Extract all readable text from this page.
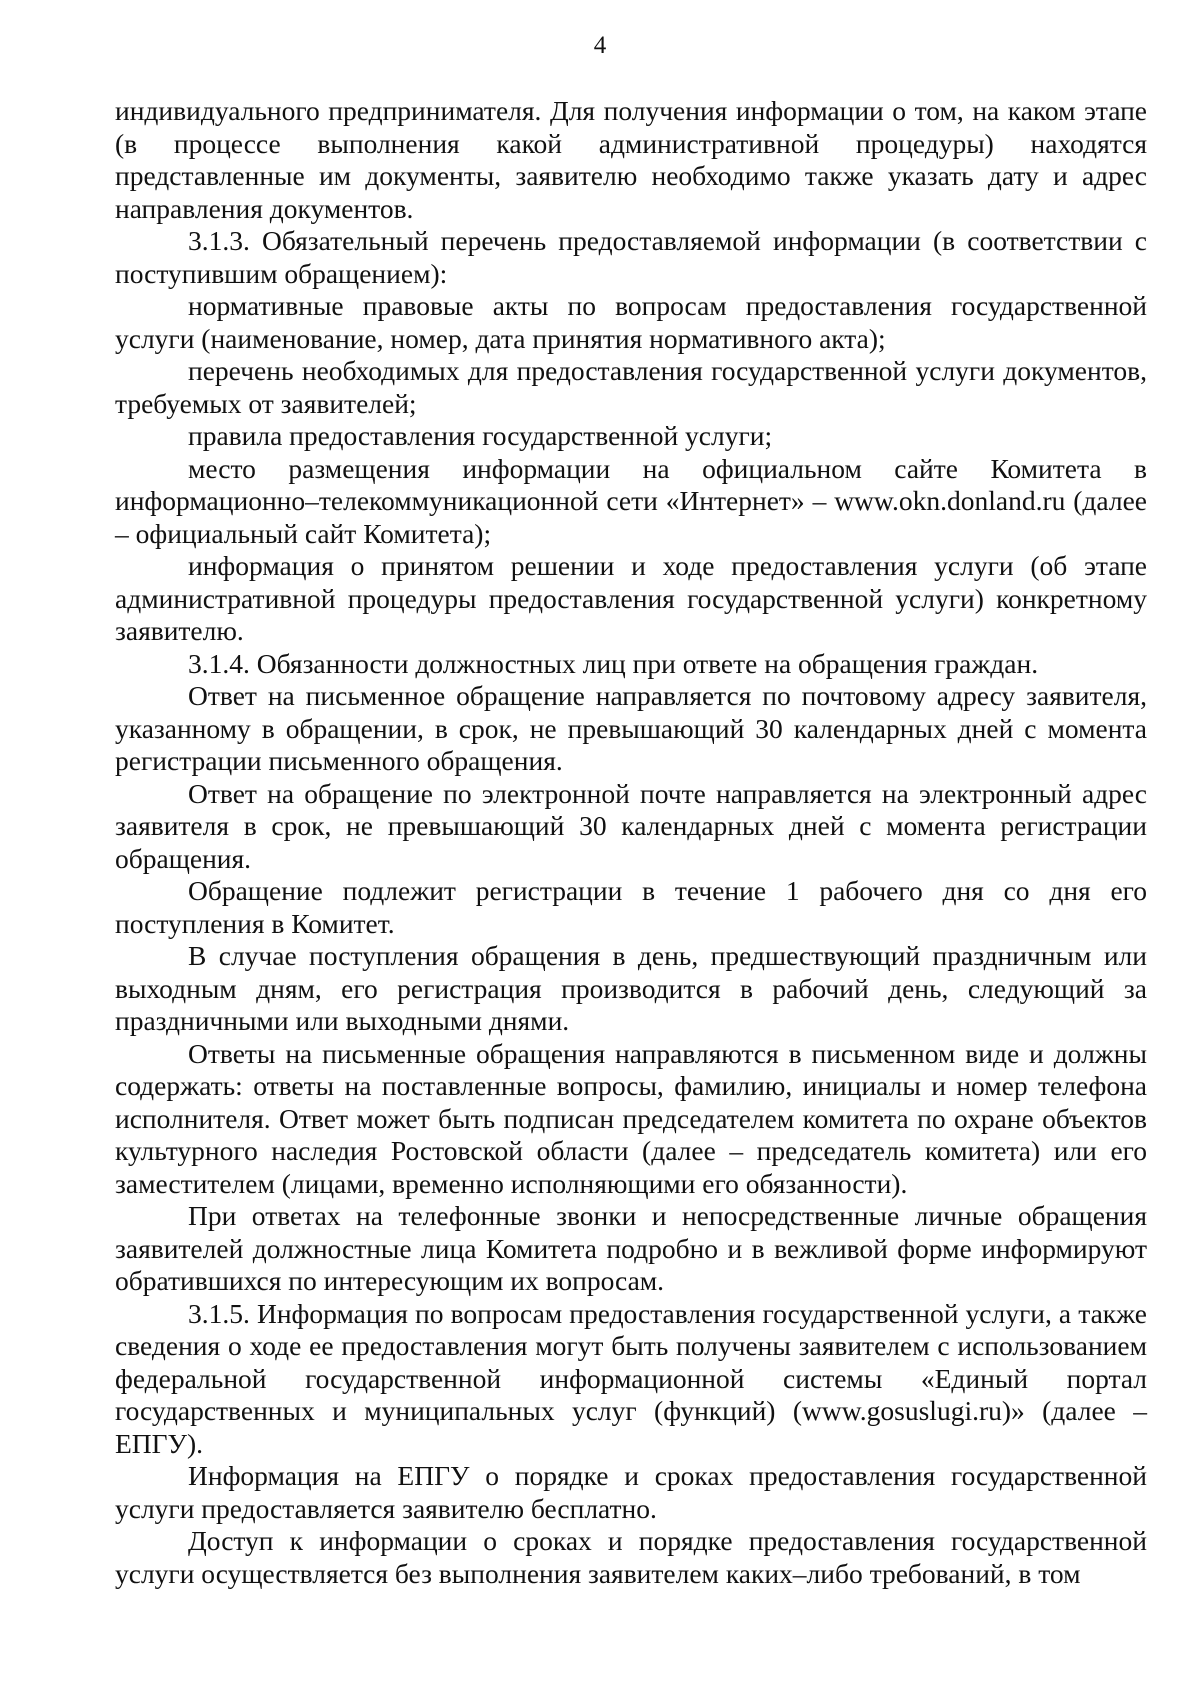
4

индивидуального предпринимателя. Для получения информации о том, на каком этапе (в процессе выполнения какой административной процедуры) находятся представленные им документы, заявителю необходимо также указать дату и адрес направления документов.

3.1.3. Обязательный перечень предоставляемой информации (в соответствии с поступившим обращением):

нормативные правовые акты по вопросам предоставления государственной услуги (наименование, номер, дата принятия нормативного акта);

перечень необходимых для предоставления государственной услуги документов, требуемых от заявителей;

правила предоставления государственной услуги;

место размещения информации на официальном сайте Комитета в информационно–телекоммуникационной сети «Интернет» – www.okn.donland.ru (далее – официальный сайт Комитета);

информация о принятом решении и ходе предоставления услуги (об этапе административной процедуры предоставления государственной услуги) конкретному заявителю.

3.1.4. Обязанности должностных лиц при ответе на обращения граждан.

Ответ на письменное обращение направляется по почтовому адресу заявителя, указанному в обращении, в срок, не превышающий 30 календарных дней с момента регистрации письменного обращения.

Ответ на обращение по электронной почте направляется на электронный адрес заявителя в срок, не превышающий 30 календарных дней с момента регистрации обращения.

Обращение подлежит регистрации в течение 1 рабочего дня со дня его поступления в Комитет.

В случае поступления обращения в день, предшествующий праздничным или выходным дням, его регистрация производится в рабочий день, следующий за праздничными или выходными днями.

Ответы на письменные обращения направляются в письменном виде и должны содержать: ответы на поставленные вопросы, фамилию, инициалы и номер телефона исполнителя. Ответ может быть подписан председателем комитета по охране объектов культурного наследия Ростовской области (далее – председатель комитета) или его заместителем (лицами, временно исполняющими его обязанности).

При ответах на телефонные звонки и непосредственные личные обращения заявителей должностные лица Комитета подробно и в вежливой форме информируют обратившихся по интересующим их вопросам.

3.1.5. Информация по вопросам предоставления государственной услуги, а также сведения о ходе ее предоставления могут быть получены заявителем с использованием федеральной государственной информационной системы «Единый портал государственных и муниципальных услуг (функций) (www.gosuslugi.ru)» (далее – ЕПГУ).

Информация на ЕПГУ о порядке и сроках предоставления государственной услуги предоставляется заявителю бесплатно.

Доступ к информации о сроках и порядке предоставления государственной услуги осуществляется без выполнения заявителем каких–либо требований, в том
